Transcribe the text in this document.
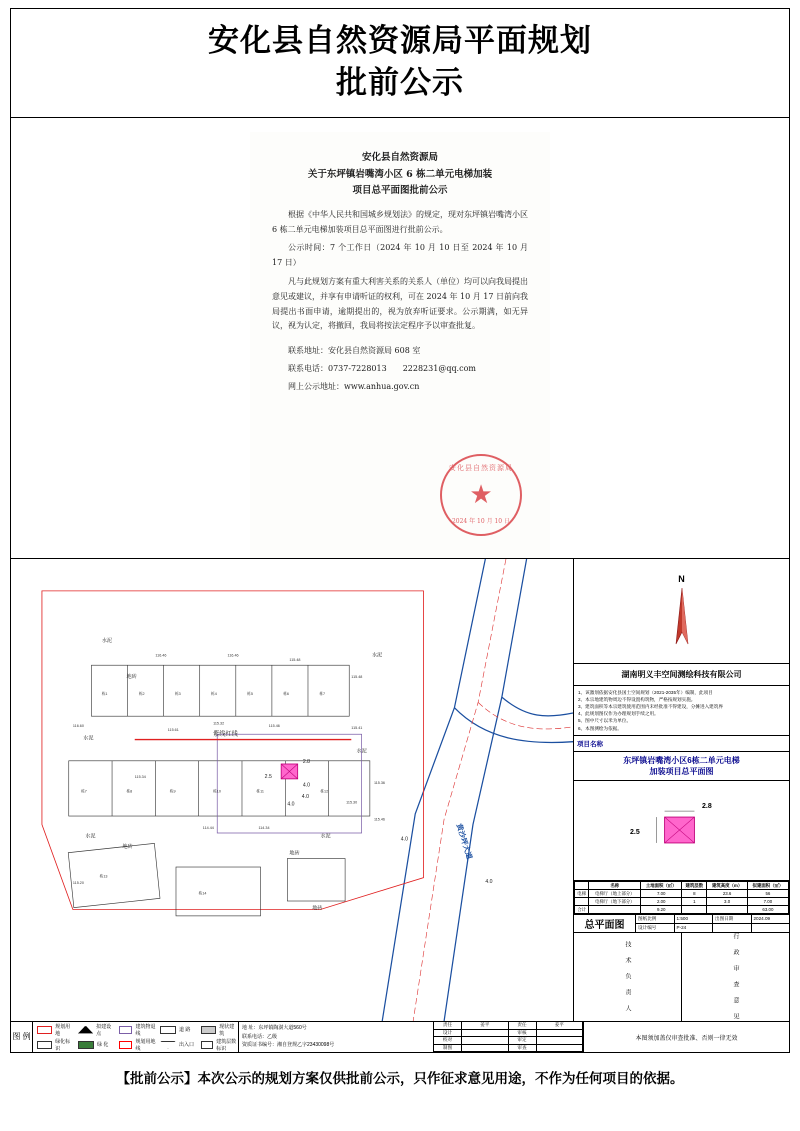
安化县自然资源局平面规划
批前公示
安化县自然资源局
关于东坪镇岩嘴湾小区 6 栋二单元电梯加装
项目总平面图批前公示

根据《中华人民共和国城乡规划法》的规定，现对东坪镇岩嘴湾小区 6 栋二单元电梯加装项目总平面图进行批前公示。

公示时间：7 个工作日（2024 年 10 月 10 日至 2024 年 10 月 17 日）

凡与此规划方案有重大利害关系的关系人（单位）均可以向我局提出意见或建议，并享有申请听证的权利，可在 2024 年 10 月 17 日前向我局提出书面申请，逾期提出的，视为放弃听证要求。公示期满，如无异议，视为认定，将撤回，我局将按法定程序予以审查批复。

联系地址：安化县自然资源局 608 室

联系电话：0737-7228013　　2228231@qq.com

网上公示地址：www.anhua.gov.cn

安化县自然资源局
★
2024 年 10 月 10 日
2.8
2.5
4.0
4.0
4.0
4.0
4.0
紫线红线
黄沙坪大道
水泥
水泥
水泥
水泥
水泥	水泥
地砖
地砖
地砖
地砖
116.46	116.46
115.48
115.48
116.60
115.61
115.32
115.46
115.41
115.34
114.44	114.34
115.30
115.36
115.46
115.20
栋1	栋2	栋3	栋4	栋5	栋6	栋7
栋7	栋8	栋9	栋10	栋11	栋12
栋13
栋14
N
湖南明义丰空间测绘科技有限公司
1、该激划依据安化县国土空间规划（2021-2035年）编制，此项目
2、本宗地建筑物周边不得设置构筑物，严格按规划实施。
3、建筑面积等本宗建筑使用范围内未经批准不得建设，分摊进入建筑界
4、此规划图仅作为办理规划手续之用。
5、图中尺寸以米为单位。
6、本图测绘为依据。
项目名称
东坪镇岩嘴湾小区6栋二单元电梯
加装项目总平面图
2.8
2.5
	名称	土地面积（㎡）	建筑层数	建筑高度（m）	拟建面积（㎡）
电梯	电梯厅（地上部分）	7.00	8	23.6	56
	电梯厅（地下部分）	2.00	1	3.0	7.00
合计		9.20			63.00
总平面图
图纸比例	1:500	出图日期	2024.09
设计编号	P-24
技 术 负 责 人	行 政 审 查 意 见
图 例
规划用地
拟建设点
建筑物退线
道 路
现状建筑
绿化标识
绿 化
规划用地线
出入口
建筑层数标识
地 址：东坪镇陶澍大道560号
联系电话：乙级
资质证书编号：湘自登规乙字23430098号
责任	姜平	责任	姜平
设计	审核
校对	审定
制图	审查
本图须加盖仅审查批准、否则一律无效
【批前公示】本次公示的规划方案仅供批前公示，只作征求意见用途，不作为任何项目的依据。
